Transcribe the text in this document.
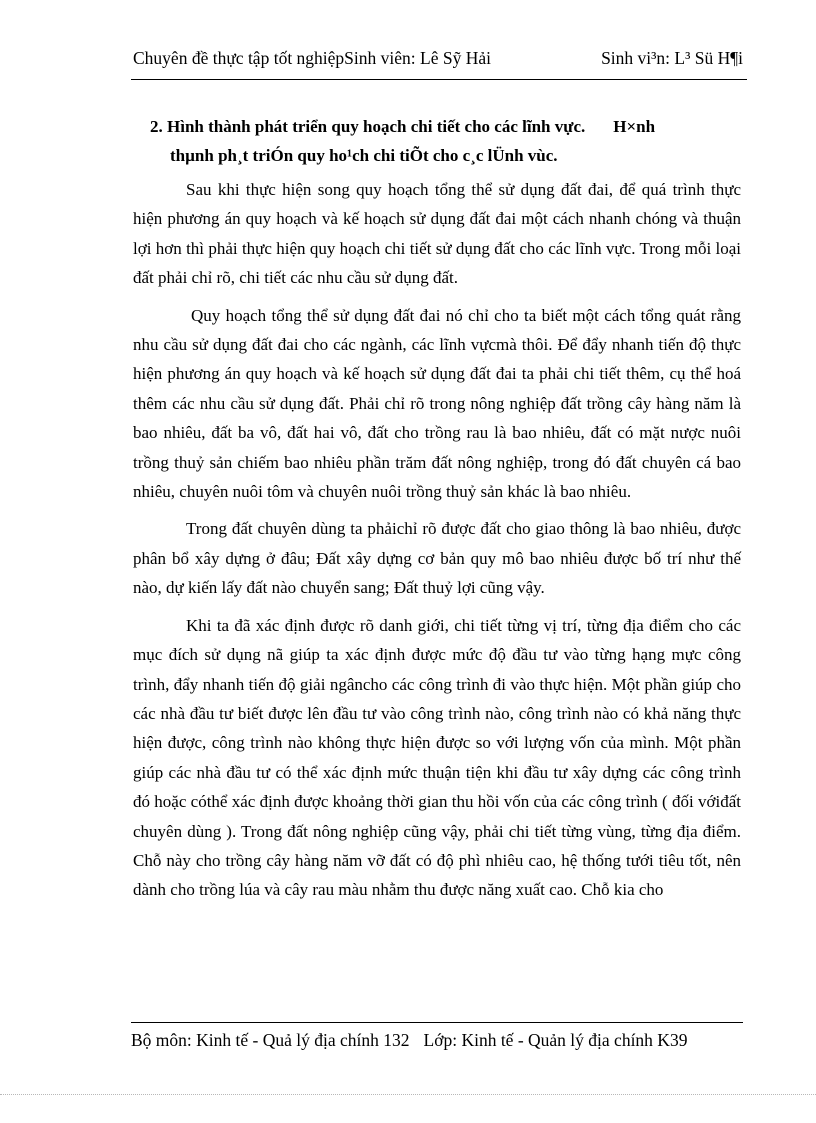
Chuyên đề thực tập tốt nghiệpSinh viên: Lê Sỹ Hải	Sinh vi³n: L³ Sü H¶i
2. Hình thành phát triển quy hoạch chi tiết cho các lĩnh vực. H×nh
thµnh ph¸t triÓn quy ho¹ch chi tiÕt cho c¸c lÜnh vùc.

Sau khi thực hiện song quy hoạch tổng thể sử dụng đất đai, để quá trình thực hiện phương án quy hoạch và kế hoạch sử dụng đất đai một cách nhanh chóng và thuận lợi hơn thì phải thực hiện quy hoạch chi tiết sử dụng đất cho các lĩnh vực. Trong mỗi loại đất phải chỉ rõ, chi tiết các nhu cầu sử dụng đất.

Quy hoạch tổng thể sử dụng đất đai nó chỉ cho ta biết một cách tổng quát rằng nhu cầu sử dụng đất đai cho các ngành, các lĩnh vựcmà thôi. Để đẩy nhanh tiến độ thực hiện phương án quy hoạch và kế hoạch sử dụng đất đai ta phải chi tiết thêm, cụ thể hoá thêm các nhu cầu sử dụng đất. Phải chỉ rõ trong nông nghiệp đất trồng cây hàng năm là bao nhiêu, đất ba vô, đất hai vô, đất cho trồng rau là bao nhiêu, đất có mặt nược nuôi trồng thuỷ sản chiếm bao nhiêu phần trăm đất nông nghiệp, trong đó đất chuyên cá bao nhiêu, chuyên nuôi tôm và chuyên nuôi trồng thuỷ sản khác là bao nhiêu.

Trong đất chuyên dùng ta phảichỉ rõ được đất cho giao thông là bao nhiêu, được phân bổ xây dựng ở đâu; Đất xây dựng cơ bản quy mô bao nhiêu được bố trí như thế nào, dự kiến lấy đất nào chuyển sang; Đất thuỷ lợi cũng vậy.

Khi ta đã xác định được rõ danh giới, chi tiết từng vị trí, từng địa điểm cho các mục đích sử dụng nã giúp ta xác định được mức độ đầu tư vào từng hạng mực công trình, đẩy nhanh tiến độ giải ngâncho các công trình đi vào thực hiện. Một phần giúp cho các nhà đầu tư biết được lên đầu tư vào công trình nào, công trình nào có khả năng thực hiện được, công trình nào không thực hiện được so với lượng vốn của mình. Một phần giúp các nhà đầu tư có thể xác định mức thuận tiện khi đầu tư xây dựng các công trình đó hoặc cóthể xác định được khoảng thời gian thu hồi vốn của các công trình ( đối vớiđất chuyên dùng ). Trong đất nông nghiệp cũng vậy, phải chi tiết từng vùng, từng địa điểm. Chỗ này cho trồng cây hàng năm vỡ đất có độ phì nhiêu cao, hệ thống tưới tiêu tốt, nên dành cho trồng lúa và cây rau màu nhằm thu được năng xuất cao. Chỗ kia cho

Bộ môn: Kinh tế - Quả lý địa chính 132 Lớp: Kinh tế - Quản lý địa chính K39
